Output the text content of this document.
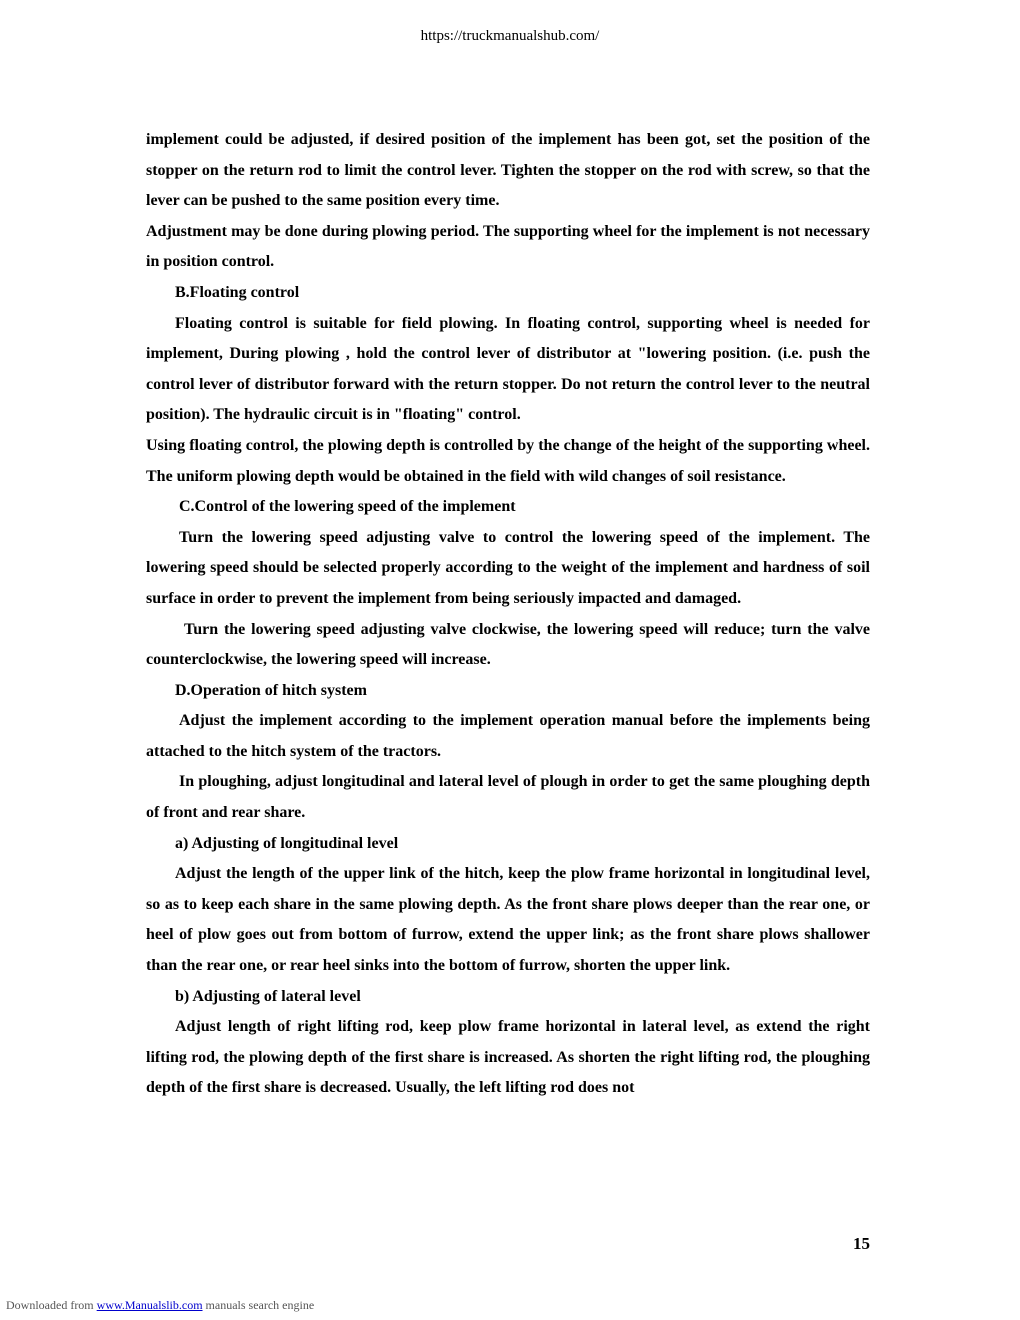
https://truckmanualshub.com/

implement could be adjusted, if desired position of the implement has been got, set the position of the stopper on the return rod to limit the control lever. Tighten the stopper on the rod with screw, so that the lever can be pushed to the same position every time.

Adjustment may be done during plowing period. The supporting wheel for the implement is not necessary in position control.

B.Floating control

Floating control is suitable for field plowing. In floating control, supporting wheel is needed for implement, During plowing , hold the control lever of distributor at "lowering position. (i.e. push the control lever of distributor forward with the return stopper. Do not return the control lever to the neutral position). The hydraulic circuit is in "floating" control.

Using floating control, the plowing depth is controlled by the change of the height of the supporting wheel. The uniform plowing depth would be obtained in the field with wild changes of soil resistance.

C.Control of the lowering speed of the implement

Turn the lowering speed adjusting valve to control the lowering speed of the implement. The lowering speed should be selected properly according to the weight of the implement and hardness of soil surface in order to prevent the implement from being seriously impacted and damaged.

Turn the lowering speed adjusting valve clockwise, the lowering speed will reduce; turn the valve counterclockwise, the lowering speed will increase.

D.Operation of hitch system

Adjust the implement according to the implement operation manual before the implements being attached to the hitch system of the tractors.

In ploughing, adjust longitudinal and lateral level of plough in order to get the same ploughing depth of front and rear share.

a) Adjusting of longitudinal level

Adjust the length of the upper link of the hitch, keep the plow frame horizontal in longitudinal level, so as to keep each share in the same plowing depth. As the front share plows deeper than the rear one, or heel of plow goes out from bottom of furrow, extend the upper link; as the front share plows shallower than the rear one, or rear heel sinks into the bottom of furrow, shorten the upper link.

b) Adjusting of lateral level

Adjust length of right lifting rod, keep plow frame horizontal in lateral level, as extend the right lifting rod, the plowing depth of the first share is increased. As shorten the right lifting rod, the ploughing depth of the first share is decreased. Usually, the left lifting rod does not

15
Downloaded from www.Manualslib.com manuals search engine
